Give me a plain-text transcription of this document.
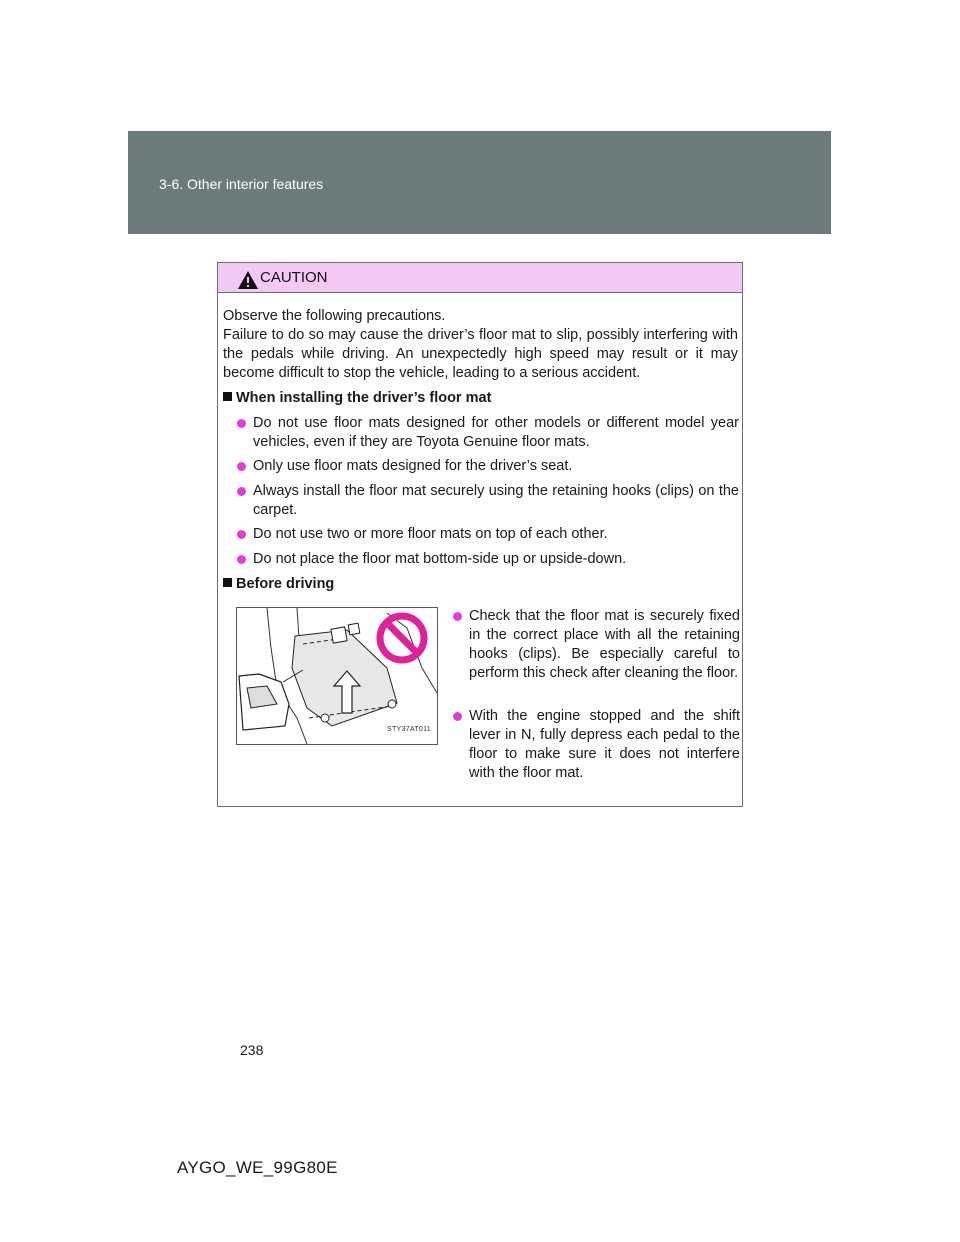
3-6. Other interior features
CAUTION

Observe the following precautions.

Failure to do so may cause the driver’s floor mat to slip, possibly interfering with the pedals while driving. An unexpectedly high speed may result or it may become difficult to stop the vehicle, leading to a serious accident.

When installing the driver’s floor mat
Do not use floor mats designed for other models or different model year vehicles, even if they are Toyota Genuine floor mats.
Only use floor mats designed for the driver’s seat.
Always install the floor mat securely using the retaining hooks (clips) on the carpet.
Do not use two or more floor mats on top of each other.
Do not place the floor mat bottom-side up or upside-down.
Before driving
STY37AT011
Check that the floor mat is securely fixed in the correct place with all the retaining hooks (clips). Be especially careful to perform this check after cleaning the floor.
With the engine stopped and the shift lever in N, fully depress each pedal to the floor to make sure it does not interfere with the floor mat.
238
AYGO_WE_99G80E
